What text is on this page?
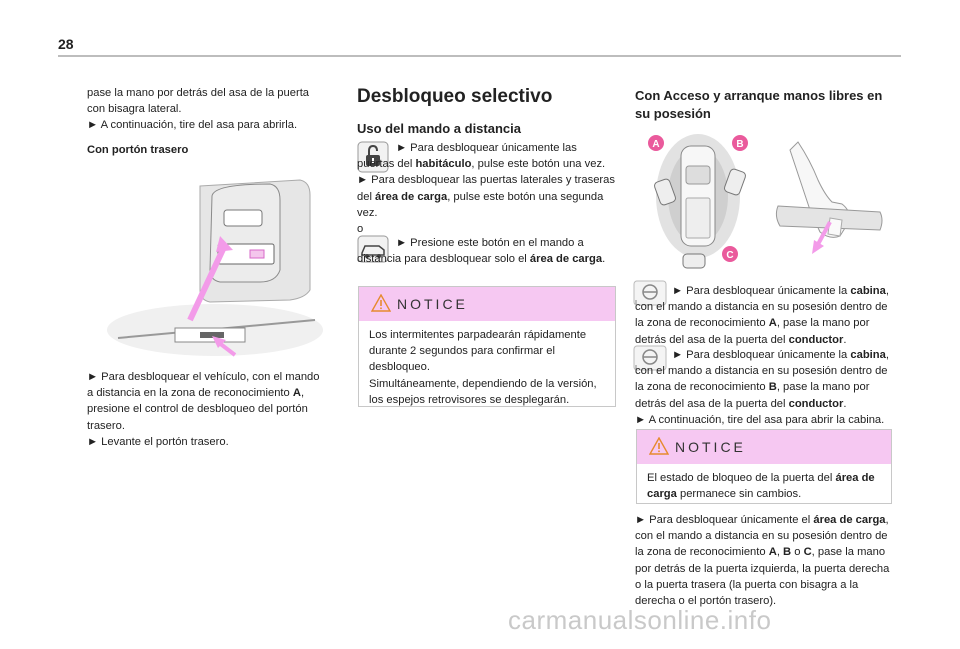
28

pase la mano por detrás del asa de la puerta con bisagra lateral.

► A continuación, tire del asa para abrirla.

Con portón trasero

► Para desbloquear el vehículo, con el mando a distancia en la zona de reconocimiento A, presione el control de desbloqueo del portón trasero.

► Levante el portón trasero.

Desbloqueo selectivo
Uso del mando a distancia

► Para desbloquear únicamente las puertas del habitáculo, pulse este botón una vez.

► Para desbloquear las puertas laterales y traseras del área de carga, pulse este botón una segunda vez.

o

► Presione este botón en el mando a distancia para desbloquear solo el área de carga.

NOTICE

Los intermitentes parpadearán rápidamente durante 2 segundos para confirmar el desbloqueo.

Simultáneamente, dependiendo de la versión, los espejos retrovisores se desplegarán.

Con Acceso y arranque manos libres en su posesión
A	B
C

► Para desbloquear únicamente la cabina, con el mando a distancia en su posesión dentro de la zona de reconocimiento A, pase la mano por detrás del asa de la puerta del conductor.

► Para desbloquear únicamente la cabina, con el mando a distancia en su posesión dentro de la zona de reconocimiento B, pase la mano por detrás del asa de la puerta del conductor.

► A continuación, tire del asa para abrir la cabina.

NOTICE

El estado de bloqueo de la puerta del área de carga permanece sin cambios.

► Para desbloquear únicamente el área de carga, con el mando a distancia en su posesión dentro de la zona de reconocimiento A, B o C, pase la mano por detrás de la puerta izquierda, la puerta derecha o la puerta trasera (la puerta con bisagra a la derecha o el portón trasero).

carmanualsonline.info
